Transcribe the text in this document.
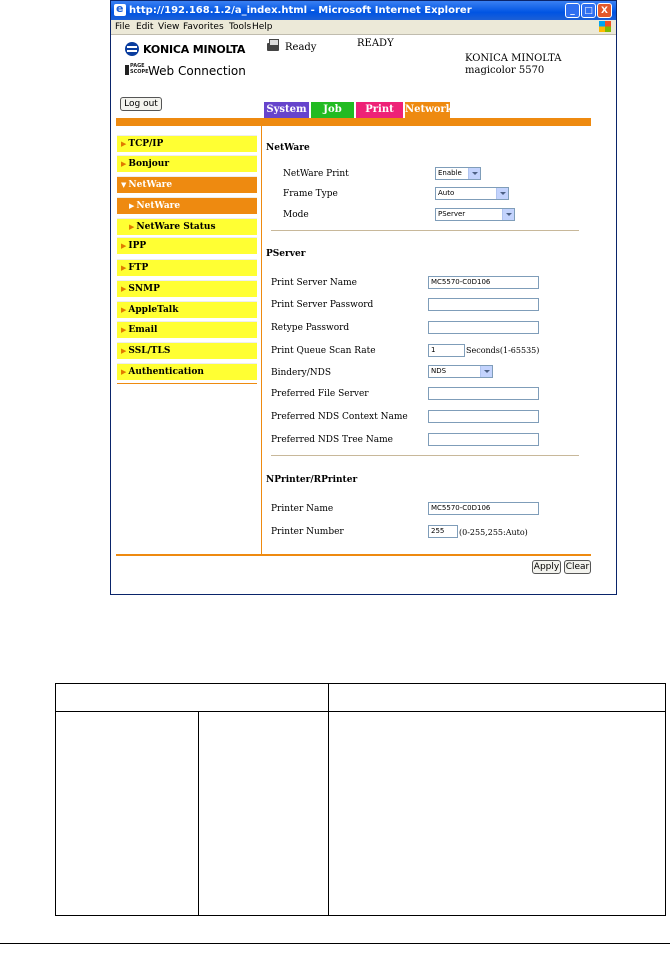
e
http://192.168.1.2/a_index.html - Microsoft Internet Explorer	_	□ X
File Edit View Favorites Tools Help
KONICA MINOLTA
PAGE SCOPE Web Connection
Ready	READY
KONICA MINOLTA
magicolor 5570
Log out	System	Job	Print	Network
▶ TCP/IP
▶ Bonjour
▼ NetWare
▶ NetWare
▶ NetWare Status
▶ IPP
▶ FTP
▶ SNMP
▶ AppleTalk
▶ Email
▶ SSL/TLS
▶ Authentication
NetWare
NetWare Print	Enable
Frame Type	Auto
Mode	PServer
PServer
Print Server Name	MC5570-C0D106
Print Server Password
Retype Password
Print Queue Scan Rate	1	Seconds(1-65535)
Bindery/NDS	NDS
Preferred File Server
Preferred NDS Context Name
Preferred NDS Tree Name
NPrinter/RPrinter
Printer Name	MC5570-C0D106
Printer Number	255	(0-255,255:Auto)
Apply Clear
